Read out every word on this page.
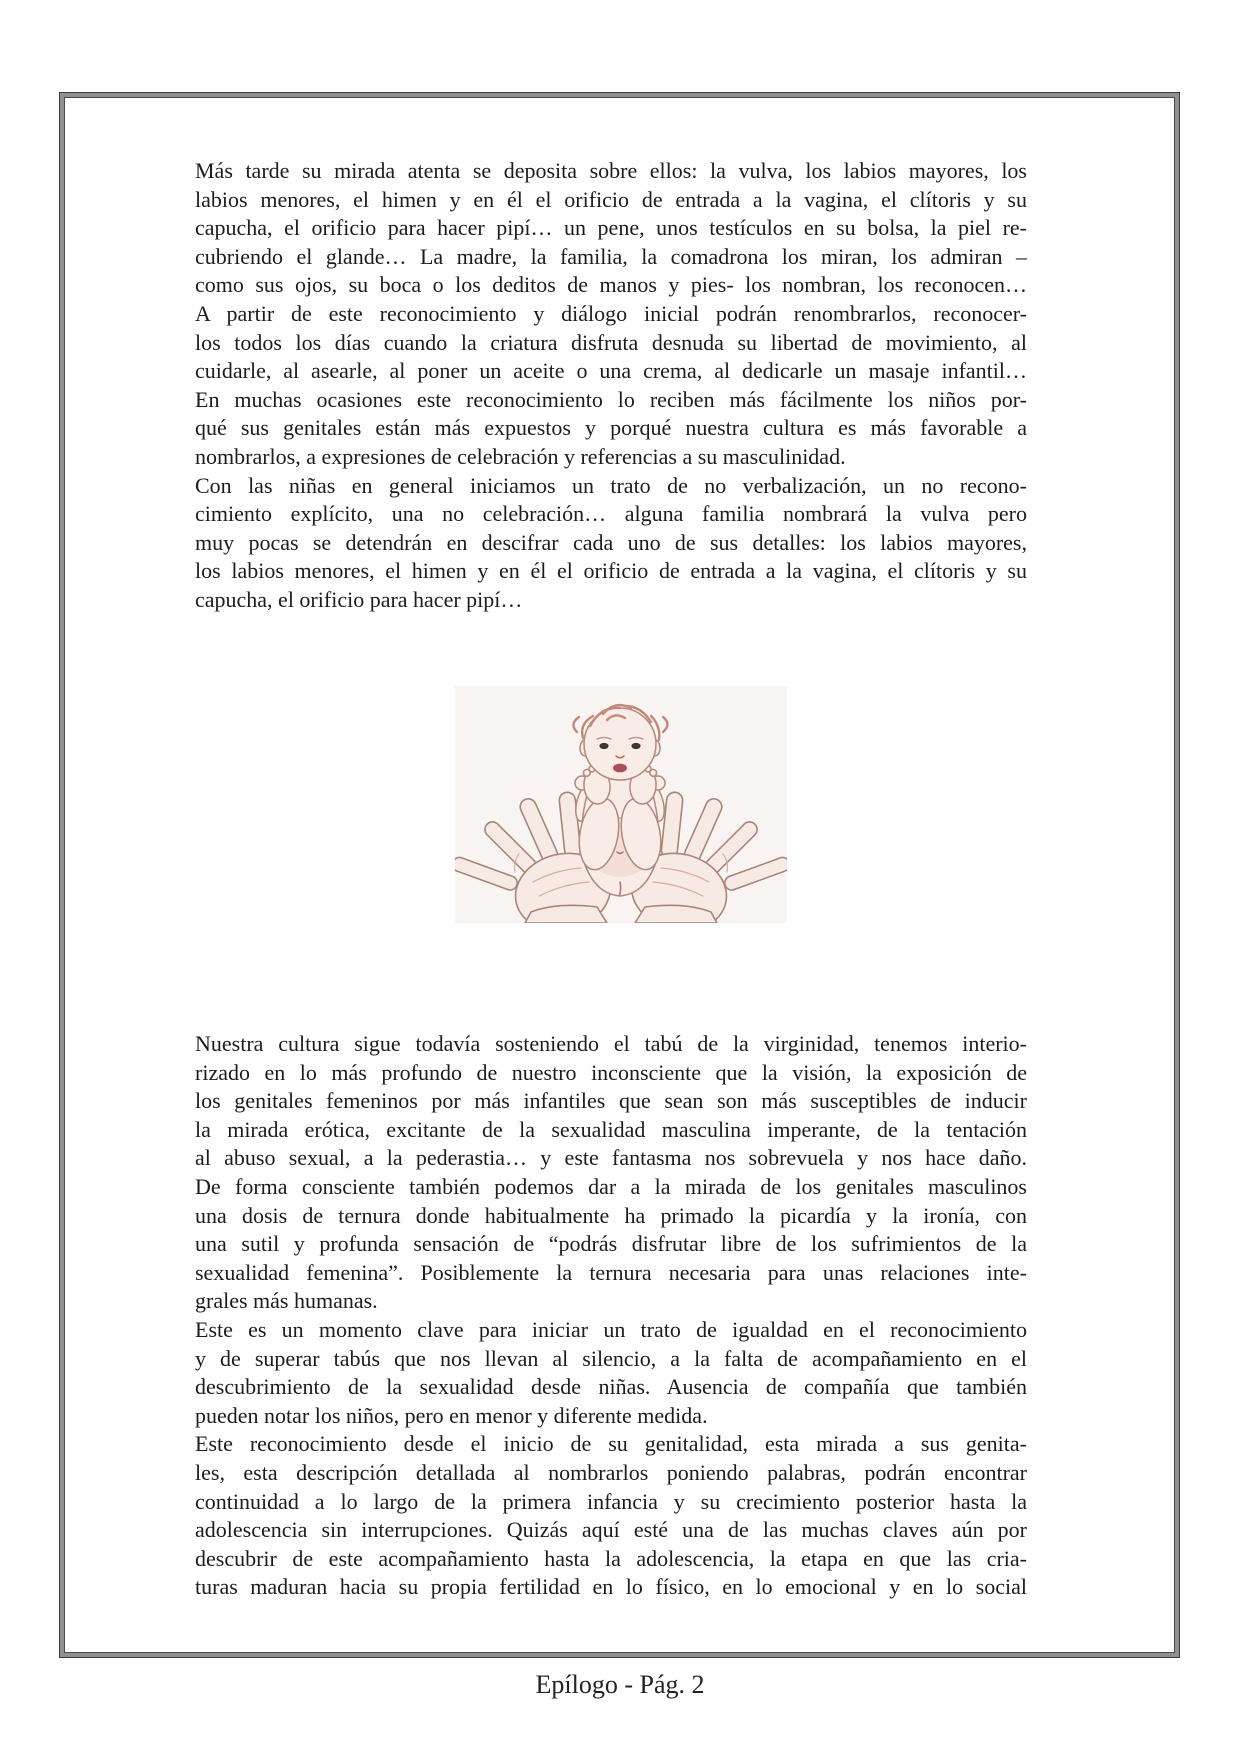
Más tarde su mirada atenta se deposita sobre ellos: la vulva, los labios mayores, los
labios menores, el himen y en él el orificio de entrada a la vagina, el clítoris y su
capucha, el orificio para hacer pipí… un pene, unos testículos en su bolsa, la piel re-
cubriendo el glande… La madre, la familia, la comadrona los miran, los admiran –
como sus ojos, su boca o los deditos de manos y pies- los nombran, los reconocen…
A partir de este reconocimiento y diálogo inicial podrán renombrarlos, reconocer-
los todos los días cuando la criatura disfruta desnuda su libertad de movimiento, al
cuidarle, al asearle, al poner un aceite o una crema, al dedicarle un masaje infantil…
En muchas ocasiones este reconocimiento lo reciben más fácilmente los niños por-
qué sus genitales están más expuestos y porqué nuestra cultura es más favorable a
nombrarlos, a expresiones de celebración y referencias a su masculinidad.
Con las niñas en general iniciamos un trato de no verbalización, un no recono-
cimiento explícito, una no celebración… alguna familia nombrará la vulva pero
muy pocas se detendrán en descifrar cada uno de sus detalles: los labios mayores,
los labios menores, el himen y en él el orificio de entrada a la vagina, el clítoris y su
capucha, el orificio para hacer pipí…
Nuestra cultura sigue todavía sosteniendo el tabú de la virginidad, tenemos interio-
rizado en lo más profundo de nuestro inconsciente que la visión, la exposición de
los genitales femeninos por más infantiles que sean son más susceptibles de inducir
la mirada erótica, excitante de la sexualidad masculina imperante, de la tentación
al abuso sexual, a la pederastia… y este fantasma nos sobrevuela y nos hace daño.
De forma consciente también podemos dar a la mirada de los genitales masculinos
una dosis de ternura donde habitualmente ha primado la picardía y la ironía, con
una sutil y profunda sensación de “podrás disfrutar libre de los sufrimientos de la
sexualidad femenina”. Posiblemente la ternura necesaria para unas relaciones inte-
grales más humanas.
Este es un momento clave para iniciar un trato de igualdad en el reconocimiento
y de superar tabús que nos llevan al silencio, a la falta de acompañamiento en el
descubrimiento de la sexualidad desde niñas. Ausencia de compañía que también
pueden notar los niños, pero en menor y diferente medida.
Este reconocimiento desde el inicio de su genitalidad, esta mirada a sus genita-
les, esta descripción detallada al nombrarlos poniendo palabras, podrán encontrar
continuidad a lo largo de la primera infancia y su crecimiento posterior hasta la
adolescencia sin interrupciones. Quizás aquí esté una de las muchas claves aún por
descubrir de este acompañamiento hasta la adolescencia, la etapa en que las cria-
turas maduran hacia su propia fertilidad en lo físico, en lo emocional y en lo social
Epílogo - Pág. 2
